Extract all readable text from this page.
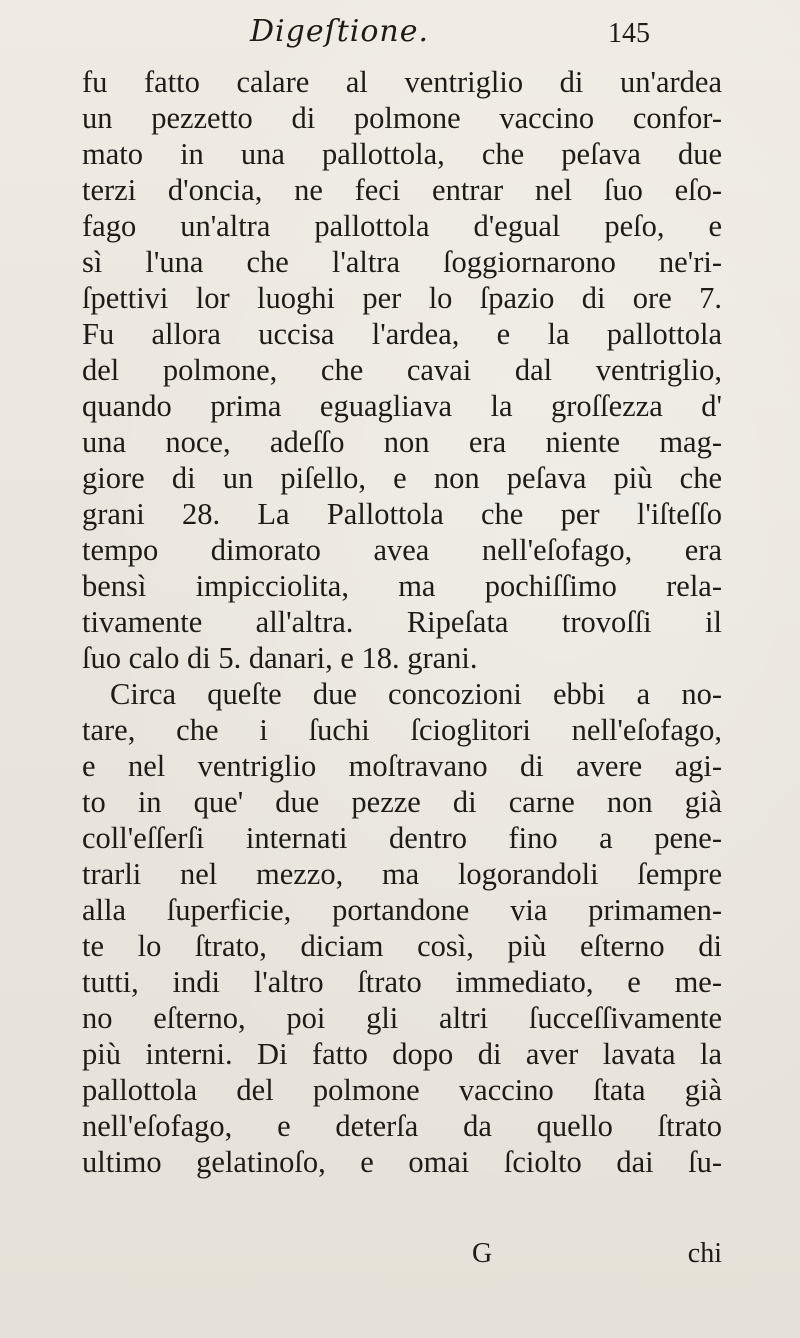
Digeſtione.	145
fu fatto calare al ventriglio di un'ardea
un pezzetto di polmone vaccino confor-
mato in una pallottola, che peſava due
terzi d'oncia, ne feci entrar nel ſuo eſo-
fago un'altra pallottola d'egual peſo, e
sì l'una che l'altra ſoggiornarono ne'ri-
ſpettivi lor luoghi per lo ſpazio di ore 7.
Fu allora uccisa l'ardea, e la pallottola
del polmone, che cavai dal ventriglio,
quando prima eguagliava la groſſezza d'
una noce, adeſſo non era niente mag-
giore di un piſello, e non peſava più che
grani 28. La Pallottola che per l'iſteſſo
tempo dimorato avea nell'eſofago, era
bensì impicciolita, ma pochiſſimo rela-
tivamente all'altra. Ripeſata trovoſſi il
ſuo calo di 5. danari, e 18. grani.
Circa queſte due concozioni ebbi a no-
tare, che i ſuchi ſcioglitori nell'eſofago,
e nel ventriglio moſtravano di avere agi-
to in que' due pezze di carne non già
coll'eſſerſi internati dentro fino a pene-
trarli nel mezzo, ma logorandoli ſempre
alla ſuperficie, portandone via primamen-
te lo ſtrato, diciam così, più eſterno di
tutti, indi l'altro ſtrato immediato, e me-
no eſterno, poi gli altri ſucceſſivamente
più interni. Di fatto dopo di aver lavata la
pallottola del polmone vaccino ſtata già
nell'eſofago, e deterſa da quello ſtrato
ultimo gelatinoſo, e omai ſciolto dai ſu-
G	chi
